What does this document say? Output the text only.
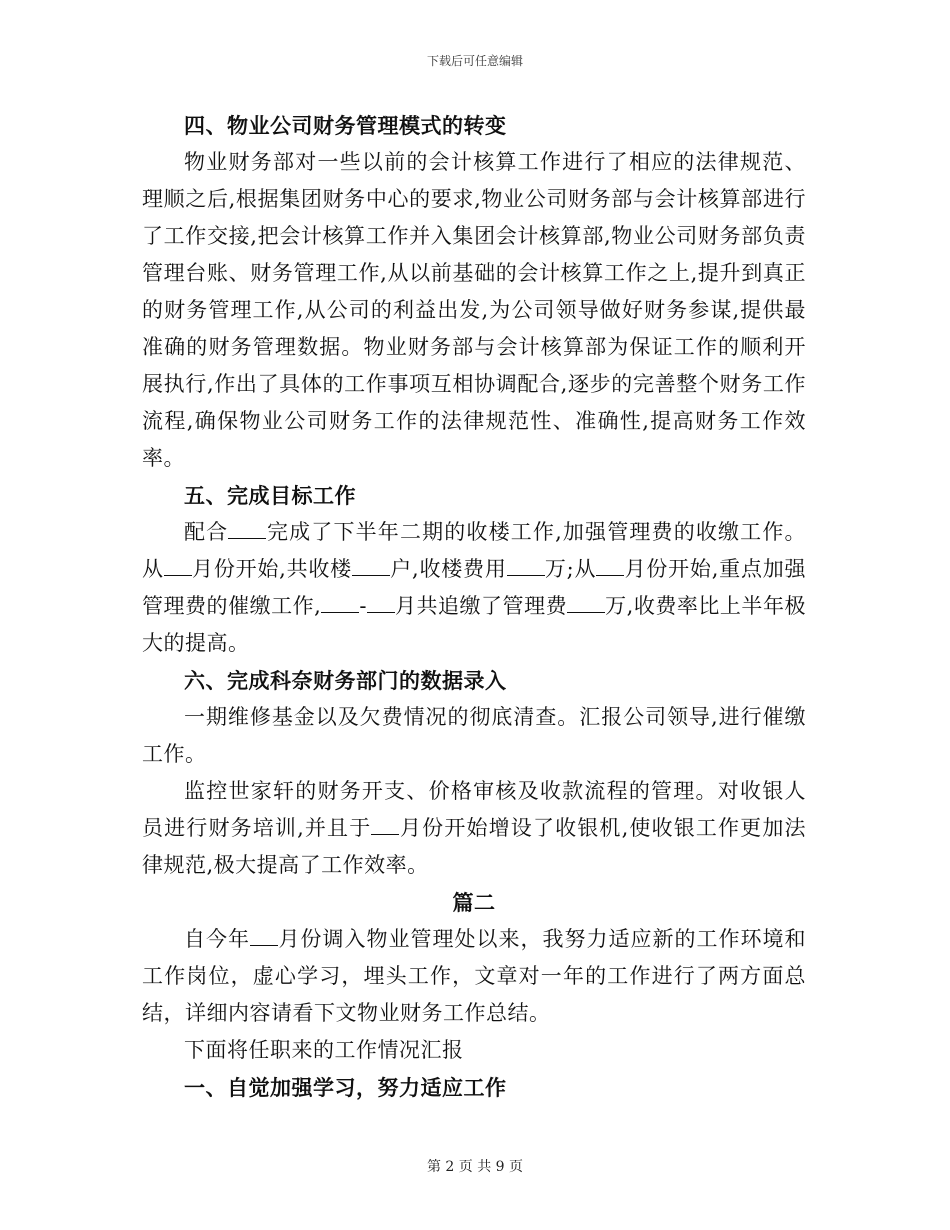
下载后可任意编辑

四、物业公司财务管理模式的转变

物业财务部对一些以前的会计核算工作进行了相应的法律规范、理顺之后,根据集团财务中心的要求,物业公司财务部与会计核算部进行了工作交接,把会计核算工作并入集团会计核算部,物业公司财务部负责管理台账、财务管理工作,从以前基础的会计核算工作之上,提升到真正的财务管理工作,从公司的利益出发,为公司领导做好财务参谋,提供最准确的财务管理数据。物业财务部与会计核算部为保证工作的顺利开展执行,作出了具体的工作事项互相协调配合,逐步的完善整个财务工作流程,确保物业公司财务工作的法律规范性、准确性,提高财务工作效率。

五、完成目标工作

配合 完成了下半年二期的收楼工作,加强管理费的收缴工作。从 月份开始,共收楼 户,收楼费用 万;从 月份开始,重点加强管理费的催缴工作, - 月共追缴了管理费 万,收费率比上半年极大的提高。

六、完成科奈财务部门的数据录入

一期维修基金以及欠费情况的彻底清查。汇报公司领导,进行催缴工作。

监控世家轩的财务开支、价格审核及收款流程的管理。对收银人员进行财务培训,并且于 月份开始增设了收银机,使收银工作更加法律规范,极大提高了工作效率。

篇二

自今年 月份调入物业管理处以来，我努力适应新的工作环境和工作岗位，虚心学习，埋头工作，文章对一年的工作进行了两方面总结，详细内容请看下文物业财务工作总结。

下面将任职来的工作情况汇报

一、自觉加强学习，努力适应工作

第 2 页 共 9 页
